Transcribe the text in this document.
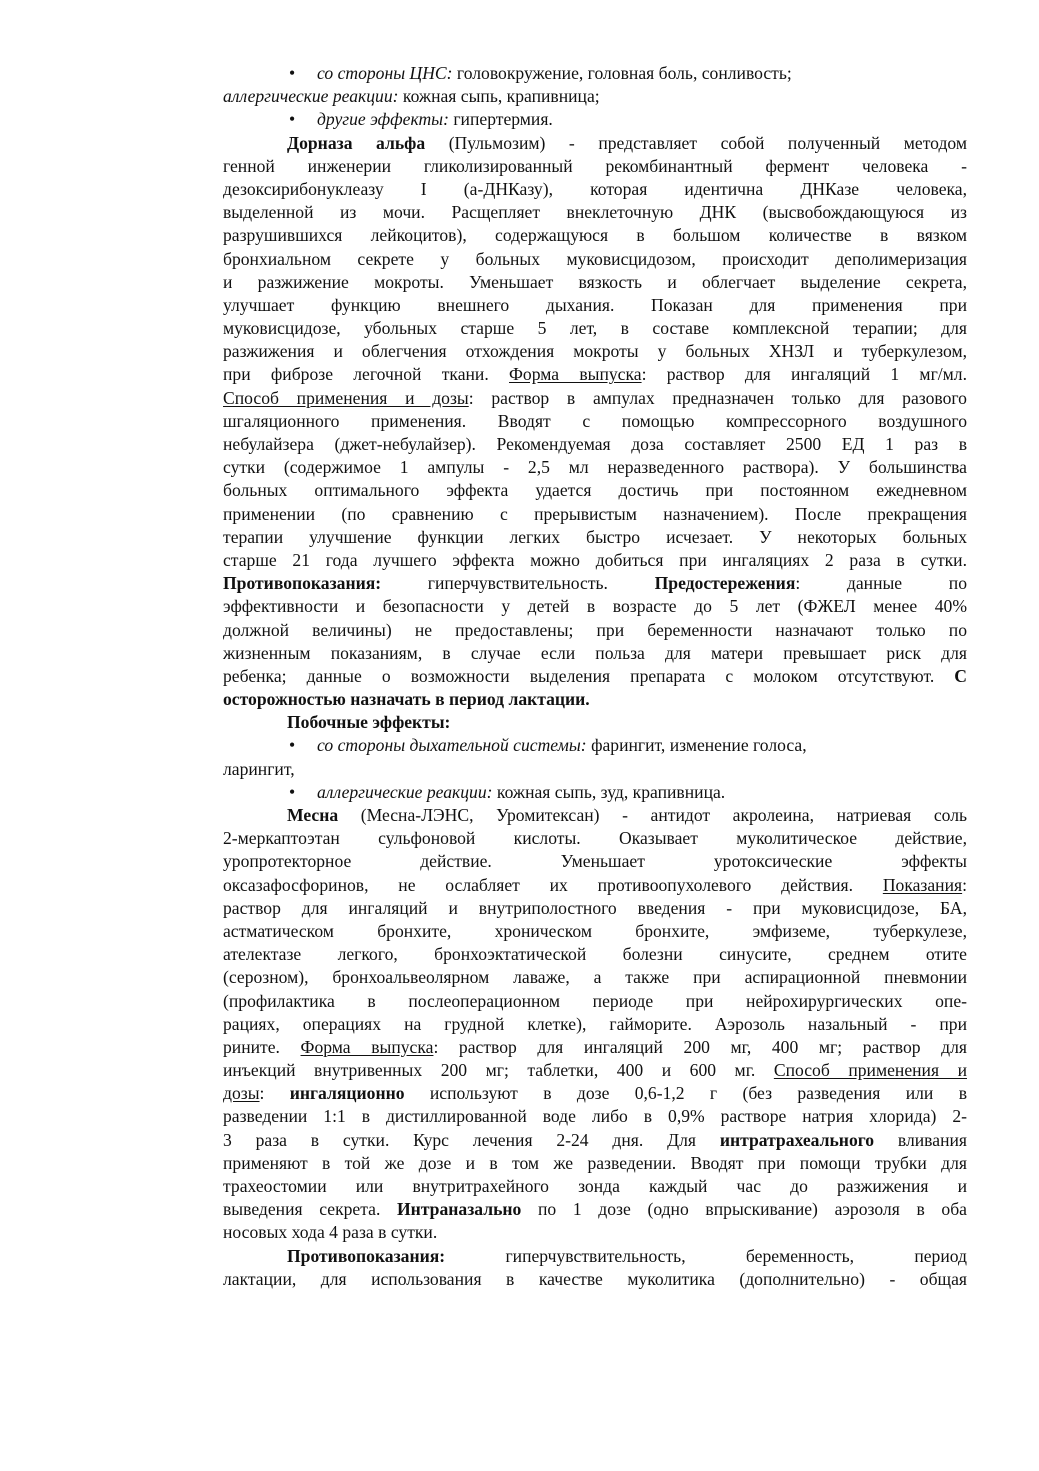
• со стороны ЦНС: головокружение, головная боль, сонливость;
аллергические реакции: кожная сыпь, крапивница;
• другие эффекты: гипертермия.
Дорназа альфа (Пульмозим) - представляет собой полученный методом
генной инженерии гликолизированный рекомбинантный фермент человека -
дезоксирибонуклеазу I (а-ДНКазу), которая идентична ДНКазе человека,
выделенной из мочи. Расщепляет внеклеточную ДНК (высвобождающуюся из
разрушившихся лейкоцитов), содержащуюся в большом количестве в вязком
бронхиальном секрете у больных муковисцидозом, происходит деполимеризация
и разжижение мокроты. Уменьшает вязкость и облегчает выделение секрета,
улучшает функцию внешнего дыхания. Показан для применения при
муковисцидозе, убольных старше 5 лет, в составе комплексной терапии; для
разжижения и облегчения отхождения мокроты у больных ХНЗЛ и туберкулезом,
при фиброзе легочной ткани. Форма выпуска: раствор для ингаляций 1 мг/мл.
Способ применения и дозы: раствор в ампулах предназначен только для разового
шгаляционного применения. Вводят с помощью компрессорного воздушного
небулайзера (джет-небулайзер). Рекомендуемая доза составляет 2500 ЕД 1 раз в
сутки (содержимое 1 ампулы - 2,5 мл неразведенного раствора). У большинства
больных оптимального эффекта удается достичь при постоянном ежедневном
применении (по сравнению с прерывистым назначением). После прекращения
терапии улучшение функции легких быстро исчезает. У некоторых больных
старше 21 года лучшего эффекта можно добиться при ингаляциях 2 раза в сутки.
Противопоказания: гиперчувствительность. Предостережения: данные по
эффективности и безопасности у детей в возрасте до 5 лет (ФЖЕЛ менее 40%
должной величины) не предоставлены; при беременности назначают только по
жизненным показаниям, в случае если польза для матери превышает риск для
ребенка; данные о возможности выделения препарата с молоком отсутствуют. С
осторожностью назначать в период лактации.
Побочные эффекты:
• со стороны дыхательной системы: фарингит, изменение голоса,
ларингит,
• аллергические реакции: кожная сыпь, зуд, крапивница.
Месна (Месна-ЛЭНС, Уромитексан) - антидот акролеина, натриевая соль
2-меркаптоэтан сульфоновой кислоты. Оказывает муколитическое действие,
уропротекторное действие. Уменьшает уротоксические эффекты
оксазафосфоринов, не ослабляет их противоопухолевого действия. Показания:
раствор для ингаляций и внутриполостного введения - при муковисцидозе, БА,
астматическом бронхите, хроническом бронхите, эмфиземе, туберкулезе,
ателектазе легкого, бронхоэктатической болезни синусите, среднем отите
(серозном), бронхоальвеолярном лаваже, а также при аспирационной пневмонии
(профилактика в послеоперационном периоде при нейрохирургических опе-
рациях, операциях на грудной клетке), гайморите. Аэрозоль назальный - при
рините. Форма выпуска: раствор для ингаляций 200 мг, 400 мг; раствор для
инъекций внутривенных 200 мг; таблетки, 400 и 600 мг. Способ применения и
дозы: ингаляционно используют в дозе 0,6-1,2 г (без разведения или в
разведении 1:1 в дистиллированной воде либо в 0,9% растворе натрия хлорида) 2-
3 раза в сутки. Курс лечения 2-24 дня. Для интратрахеального вливания
применяют в той же дозе и в том же разведении. Вводят при помощи трубки для
трахеостомии или внутритрахейного зонда каждый час до разжижения и
выведения секрета. Интраназально по 1 дозе (одно впрыскивание) аэрозоля в оба
носовых хода 4 раза в сутки.
Противопоказания: гиперчувствительность, беременность, период
лактации, для использования в качестве муколитика (дополнительно) - общая
